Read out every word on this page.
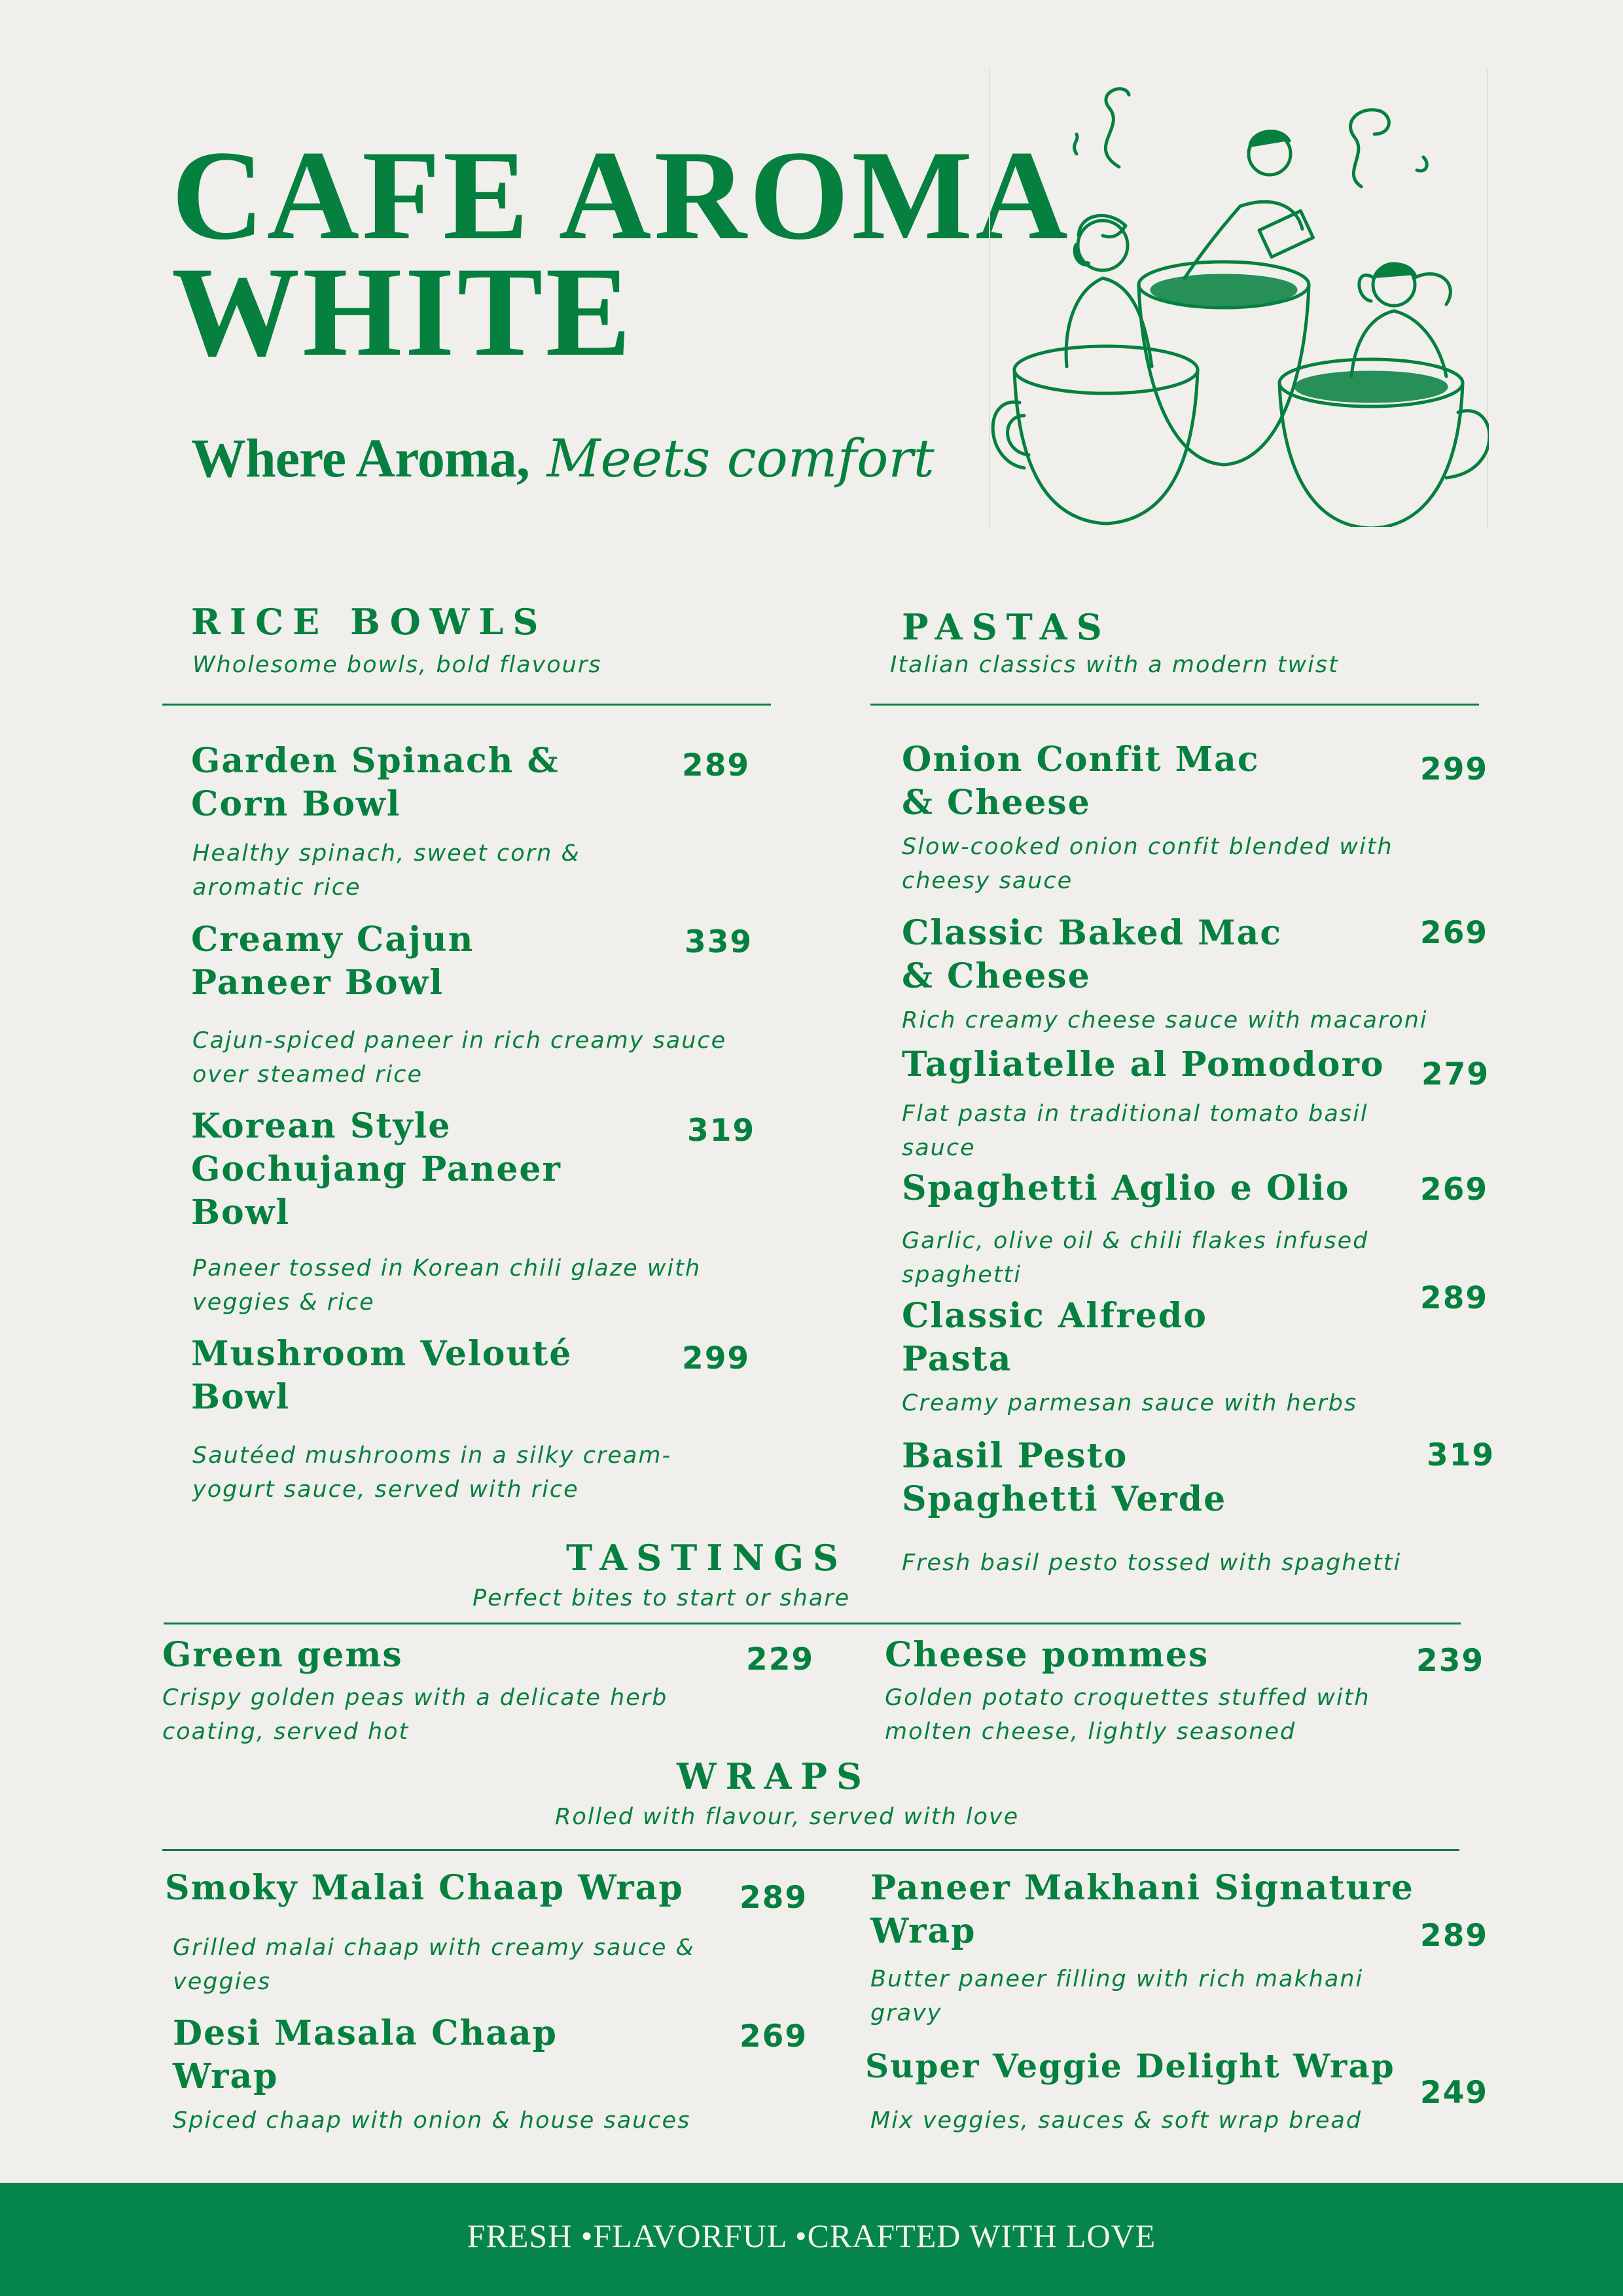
CAFE AROMA
WHITE
Where Aroma, Meets comfort
RICE BOWLS
Wholesome bowls, bold flavours
Garden Spinach &
Corn Bowl
289
Healthy spinach, sweet corn &
aromatic rice
Creamy Cajun
Paneer Bowl
339
Cajun-spiced paneer in rich creamy sauce
over steamed rice
Korean Style
Gochujang Paneer
Bowl
319
Paneer tossed in Korean chili glaze with
veggies & rice
Mushroom Velouté
Bowl
299
Sautéed mushrooms in a silky cream-
yogurt sauce, served with rice
PASTAS
Italian classics with a modern twist
Onion Confit Mac
& Cheese
299
Slow-cooked onion confit blended with
cheesy sauce
Classic Baked Mac
& Cheese
269
Rich creamy cheese sauce with macaroni
Tagliatelle al Pomodoro 279
Flat pasta in traditional tomato basil
sauce
Spaghetti Aglio e Olio 269
Garlic, olive oil & chili flakes infused
spaghetti
Classic Alfredo
Pasta
289
Creamy parmesan sauce with herbs
Basil Pesto
Spaghetti Verde
319
Fresh basil pesto tossed with spaghetti
TASTINGS
Perfect bites to start or share
Green gems	229
Crispy golden peas with a delicate herb
coating, served hot
Cheese pommes	239
Golden potato croquettes stuffed with
molten cheese, lightly seasoned
WRAPS
Rolled with flavour, served with love
Smoky Malai Chaap Wrap 289
Grilled malai chaap with creamy sauce &
veggies
Desi Masala Chaap
Wrap
269
Spiced chaap with onion & house sauces
Paneer Makhani Signature
Wrap	289
Butter paneer filling with rich makhani
gravy
Super Veggie Delight Wrap
249
Mix veggies, sauces & soft wrap bread
FRESH •FLAVORFUL •CRAFTED WITH LOVE
